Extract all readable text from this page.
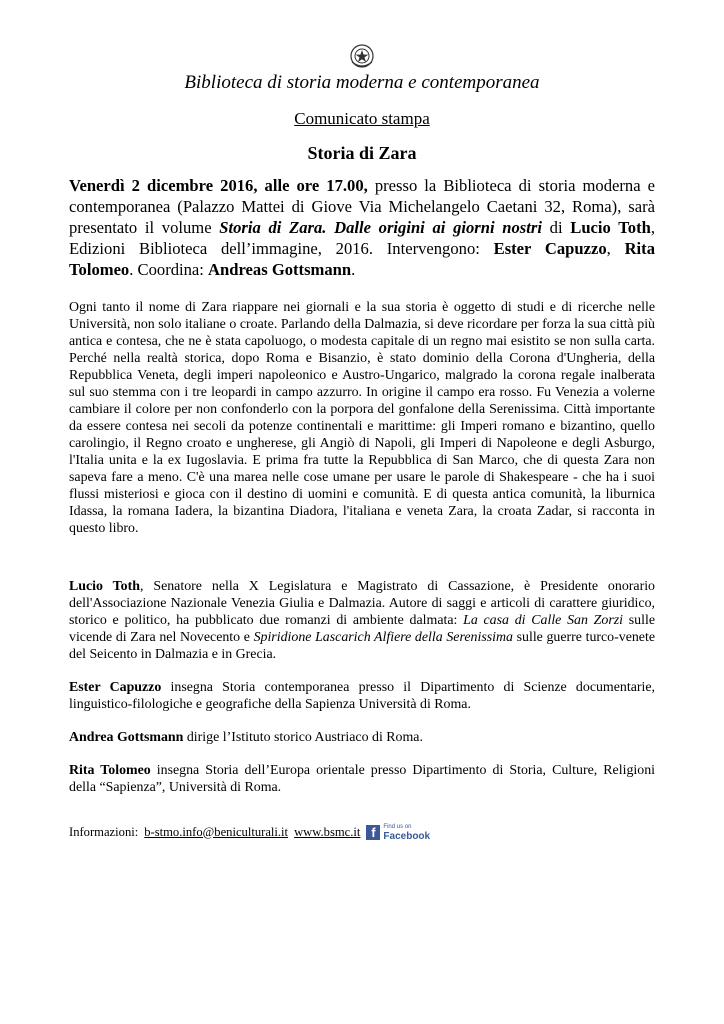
Biblioteca di storia moderna e contemporanea
Comunicato stampa
Storia di Zara

Venerdì 2 dicembre 2016, alle ore 17.00, presso la Biblioteca di storia moderna e contemporanea (Palazzo Mattei di Giove Via Michelangelo Caetani 32, Roma), sarà presentato il volume Storia di Zara. Dalle origini ai giorni nostri di Lucio Toth, Edizioni Biblioteca dell’immagine, 2016. Intervengono: Ester Capuzzo, Rita Tolomeo. Coordina: Andreas Gottsmann.

Ogni tanto il nome di Zara riappare nei giornali e la sua storia è oggetto di studi e di ricerche nelle Università, non solo italiane o croate. Parlando della Dalmazia, si deve ricordare per forza la sua città più antica e contesa, che ne è stata capoluogo, o modesta capitale di un regno mai esistito se non sulla carta. Perché nella realtà storica, dopo Roma e Bisanzio, è stato dominio della Corona d'Ungheria, della Repubblica Veneta, degli imperi napoleonico e Austro-Ungarico, malgrado la corona regale inalberata sul suo stemma con i tre leopardi in campo azzurro. In origine il campo era rosso. Fu Venezia a volerne cambiare il colore per non confonderlo con la porpora del gonfalone della Serenissima. Città importante da essere contesa nei secoli da potenze continentali e marittime: gli Imperi romano e bizantino, quello carolingio, il Regno croato e ungherese, gli Angiò di Napoli, gli Imperi di Napoleone e degli Asburgo, l'Italia unita e la ex Iugoslavia. E prima fra tutte la Repubblica di San Marco, che di questa Zara non sapeva fare a meno. C'è una marea nelle cose umane per usare le parole di Shakespeare - che ha i suoi flussi misteriosi e gioca con il destino di uomini e comunità. E di questa antica comunità, la liburnica Idassa, la romana Iadera, la bizantina Diadora, l'italiana e veneta Zara, la croata Zadar, si racconta in questo libro.

Lucio Toth, Senatore nella X Legislatura e Magistrato di Cassazione, è Presidente onorario dell'Associazione Nazionale Venezia Giulia e Dalmazia. Autore di saggi e articoli di carattere giuridico, storico e politico, ha pubblicato due romanzi di ambiente dalmata: La casa di Calle San Zorzi sulle vicende di Zara nel Novecento e Spiridione Lascarich Alfiere della Serenissima sulle guerre turco-venete del Seicento in Dalmazia e in Grecia.

Ester Capuzzo insegna Storia contemporanea presso il Dipartimento di Scienze documentarie, linguistico-filologiche e geografiche della Sapienza Università di Roma.

Andrea Gottsmann dirige l’Istituto storico Austriaco di Roma.

Rita Tolomeo insegna Storia dell’Europa orientale presso Dipartimento di Storia, Culture, Religioni della “Sapienza”, Università di Roma.

Informazioni: b-stmo.info@beniculturali.it www.bsmc.it f	Find us on
Facebook
